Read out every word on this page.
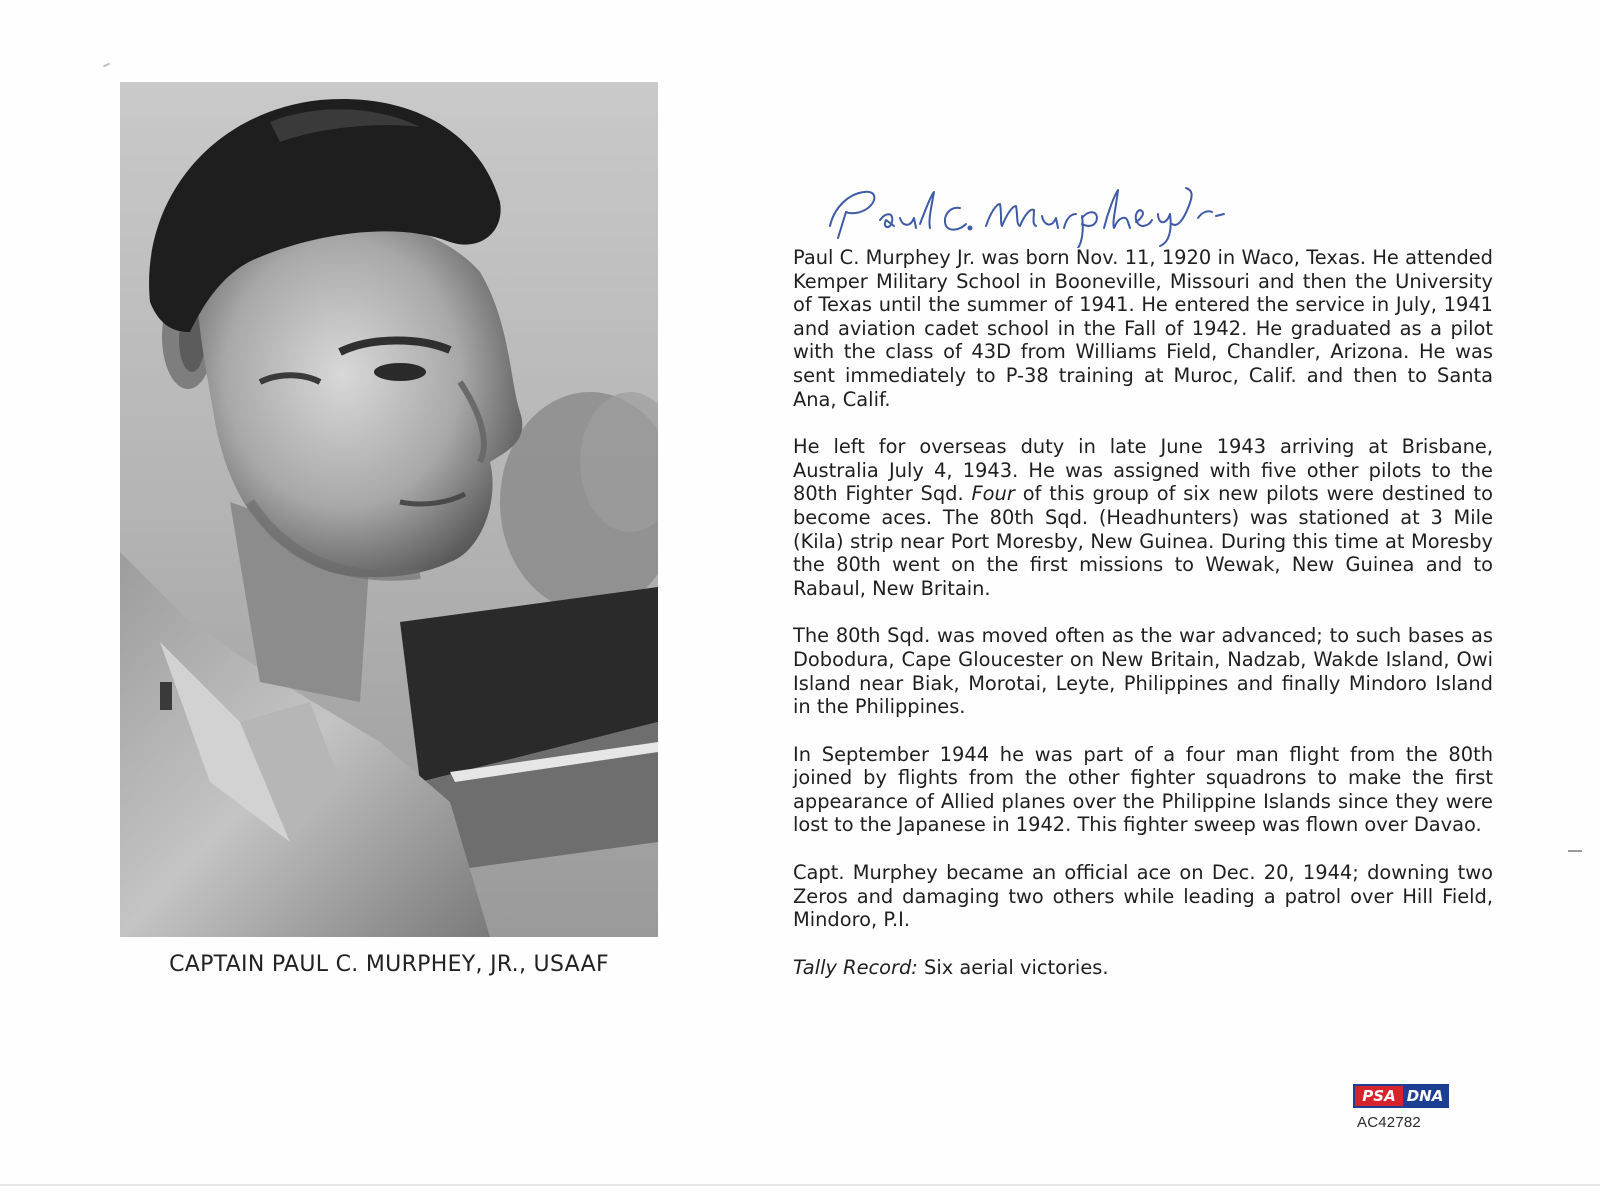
CAPTAIN PAUL C. MURPHEY, JR., USAAF

Paul C. Murphey Jr. was born Nov. 11, 1920 in Waco, Texas. He attended Kemper Military School in Booneville, Missouri and then the University of Texas until the summer of 1941. He entered the service in July, 1941 and aviation cadet school in the Fall of 1942. He graduated as a pilot with the class of 43D from Williams Field, Chandler, Arizona. He was sent immediately to P-38 training at Muroc, Calif. and then to Santa Ana, Calif.

He left for overseas duty in late June 1943 arriving at Brisbane, Australia July 4, 1943. He was assigned with five other pilots to the 80th Fighter Sqd. Four of this group of six new pilots were destined to become aces. The 80th Sqd. (Headhunters) was stationed at 3 Mile (Kila) strip near Port Moresby, New Guinea. During this time at Moresby the 80th went on the first missions to Wewak, New Guinea and to Rabaul, New Britain.

The 80th Sqd. was moved often as the war advanced; to such bases as Dobodura, Cape Gloucester on New Britain, Nadzab, Wakde Island, Owi Island near Biak, Morotai, Leyte, Philippines and finally Mindoro Island in the Philippines.

In September 1944 he was part of a four man flight from the 80th joined by flights from the other fighter squadrons to make the first appearance of Allied planes over the Philippine Islands since they were lost to the Japanese in 1942. This fighter sweep was flown over Davao.

Capt. Murphey became an official ace on Dec. 20, 1944; downing two Zeros and damaging two others while leading a patrol over Hill Field, Mindoro, P.I.

Tally Record: Six aerial victories.

PSA DNA
AC42782
